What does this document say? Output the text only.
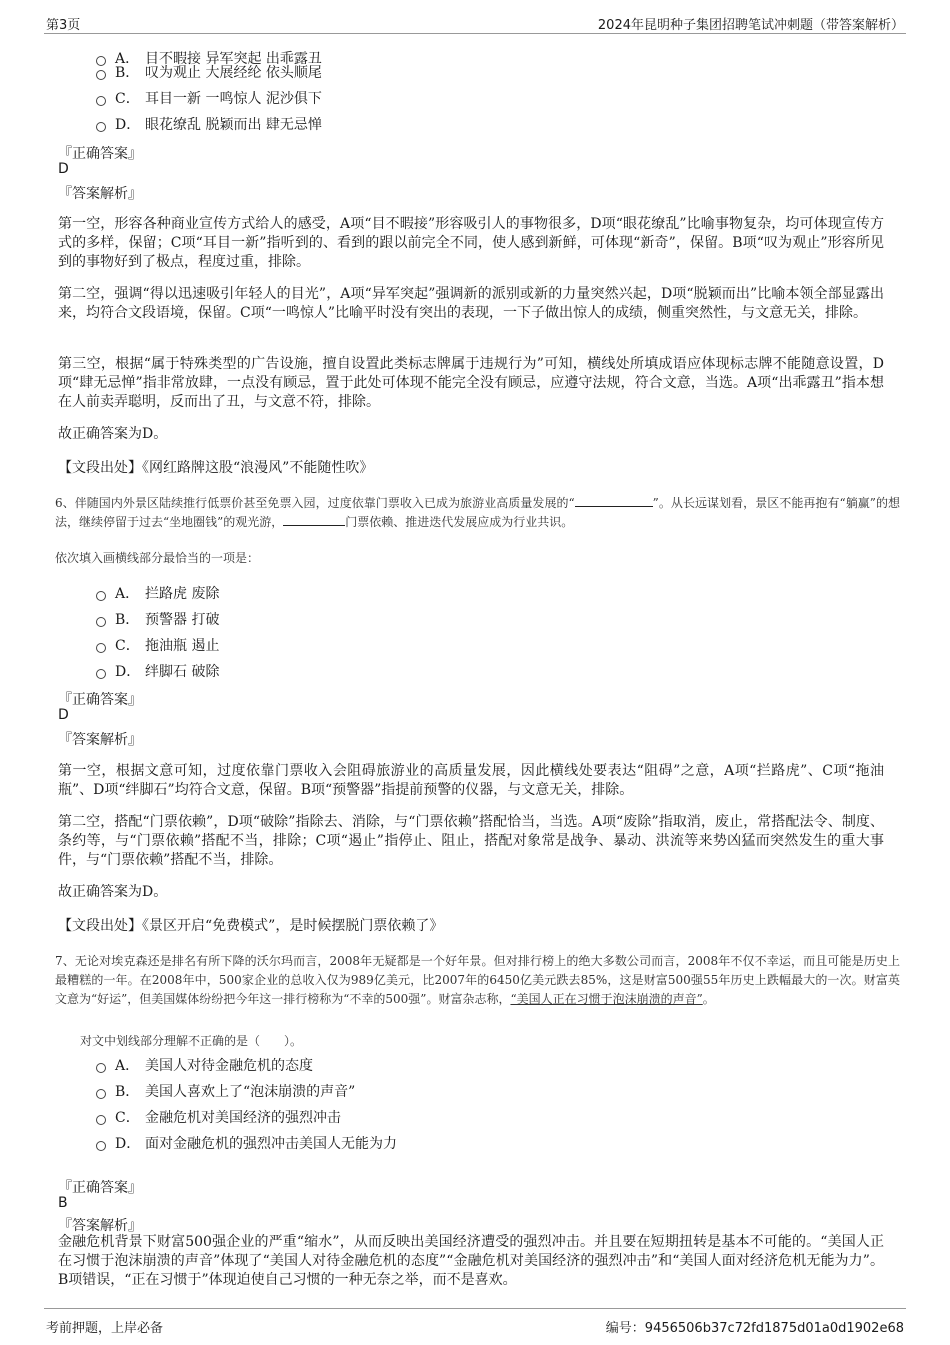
第3页	2024年昆明种子集团招聘笔试冲刺题（带答案解析）
A． 目不暇接 异军突起 出乖露丑
B． 叹为观止 大展经纶 依头顺尾
C． 耳目一新 一鸣惊人 泥沙俱下
D． 眼花缭乱 脱颖而出 肆无忌惮
『正确答案』
D
『答案解析』
第一空，形容各种商业宣传方式给人的感受，A项“目不暇接”形容吸引人的事物很多，D项“眼花缭乱”比喻事物复杂，均可体现宣传方式的多样，保留；C项“耳目一新”指听到的、看到的跟以前完全不同，使人感到新鲜，可体现“新奇”，保留。B项“叹为观止”形容所见到的事物好到了极点，程度过重，排除。
第二空，强调“得以迅速吸引年轻人的目光”，A项“异军突起”强调新的派别或新的力量突然兴起，D项“脱颖而出”比喻本领全部显露出来，均符合文段语境，保留。C项“一鸣惊人”比喻平时没有突出的表现，一下子做出惊人的成绩，侧重突然性，与文意无关，排除。
第三空，根据“属于特殊类型的广告设施，擅自设置此类标志牌属于违规行为”可知，横线处所填成语应体现标志牌不能随意设置，D项“肆无忌惮”指非常放肆，一点没有顾忌，置于此处可体现不能完全没有顾忌，应遵守法规，符合文意，当选。A项“出乖露丑”指本想在人前卖弄聪明，反而出了丑，与文意不符，排除。
故正确答案为D。
【文段出处】《网红路牌这股“浪漫风”不能随性吹》
6、伴随国内外景区陆续推行低票价甚至免票入园，过度依靠门票收入已成为旅游业高质量发展的“	”。从长远谋划看，景区不能再抱有“躺赢”的想法，继续停留于过去“坐地圈钱”的观光游，	门票依赖、推进迭代发展应成为行业共识。
依次填入画横线部分最恰当的一项是：
A． 拦路虎 废除
B． 预警器 打破
C． 拖油瓶 遏止
D． 绊脚石 破除
『正确答案』
D
『答案解析』
第一空，根据文意可知，过度依靠门票收入会阻碍旅游业的高质量发展，因此横线处要表达“阻碍”之意，A项“拦路虎”、C项“拖油瓶”、D项“绊脚石”均符合文意，保留。B项“预警器”指提前预警的仪器，与文意无关，排除。
第二空，搭配“门票依赖”，D项“破除”指除去、消除，与“门票依赖”搭配恰当，当选。A项“废除”指取消，废止，常搭配法令、制度、条约等，与“门票依赖”搭配不当，排除；C项“遏止”指停止、阻止，搭配对象常是战争、暴动、洪流等来势凶猛而突然发生的重大事件，与“门票依赖”搭配不当，排除。
故正确答案为D。
【文段出处】《景区开启“免费模式”，是时候摆脱门票依赖了》
7、无论对埃克森还是排名有所下降的沃尔玛而言，2008年无疑都是一个好年景。但对排行榜上的绝大多数公司而言，2008年不仅不幸运，而且可能是历史上最糟糕的一年。在2008年中，500家企业的总收入仅为989亿美元，比2007年的6450亿美元跌去85%，这是财富500强55年历史上跌幅最大的一次。财富英文意为“好运”，但美国媒体纷纷把今年这一排行榜称为“不幸的500强”。财富杂志称，“美国人正在习惯于泡沫崩溃的声音”。
对文中划线部分理解不正确的是（　　）。
A． 美国人对待金融危机的态度
B． 美国人喜欢上了“泡沫崩溃的声音”
C． 金融危机对美国经济的强烈冲击
D． 面对金融危机的强烈冲击美国人无能为力
『正确答案』
B
『答案解析』
金融危机背景下财富500强企业的严重“缩水”，从而反映出美国经济遭受的强烈冲击。并且要在短期扭转是基本不可能的。“美国人正在习惯于泡沫崩溃的声音”体现了“美国人对待金融危机的态度”“金融危机对美国经济的强烈冲击”和“美国人面对经济危机无能为力”。B项错误，“正在习惯于”体现迫使自己习惯的一种无奈之举，而不是喜欢。
考前押题，上岸必备	编号：9456506b37c72fd1875d01a0d1902e68
